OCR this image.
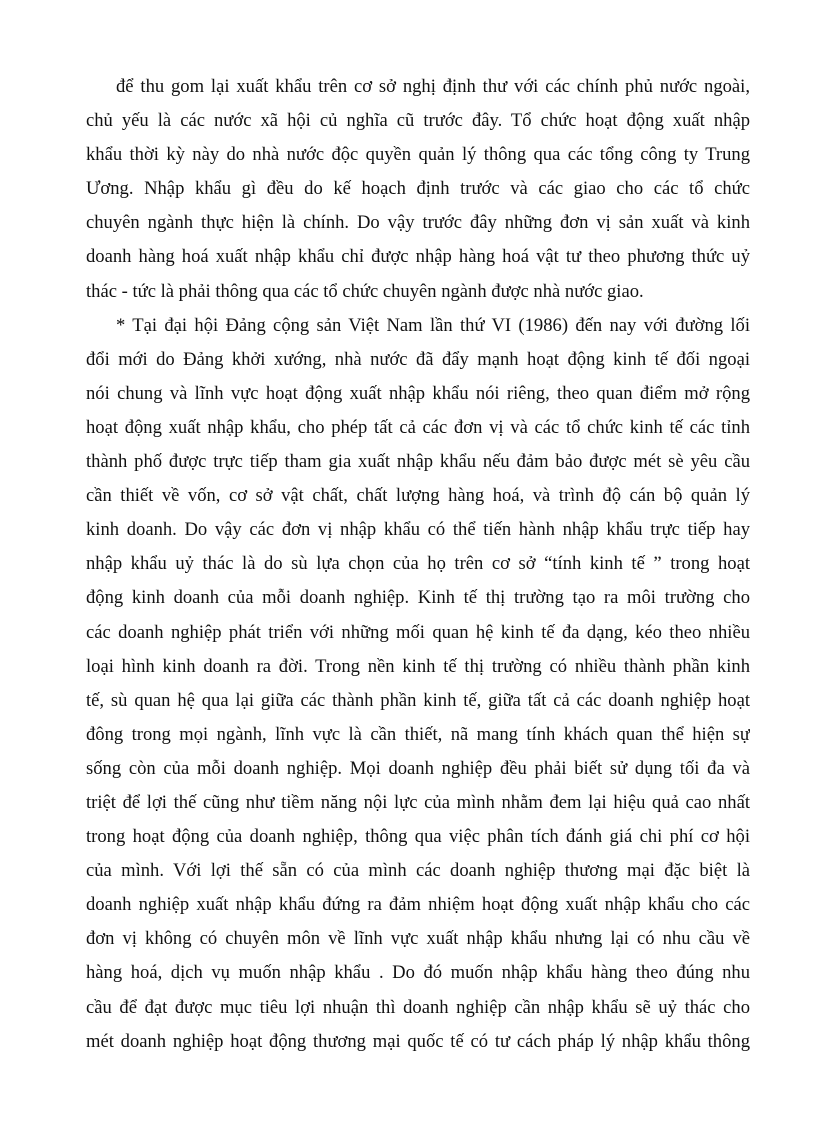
để thu gom lại xuất khẩu trên cơ sở nghị định thư với các chính phủ nước ngoài,
chủ yếu là các nước xã hội củ nghĩa cũ trước đây. Tổ chức hoạt động xuất nhập
khẩu thời kỳ này do nhà nước độc quyền quản lý thông qua các tổng công ty Trung
Ương. Nhập khẩu gì đều do kế hoạch định trước và các giao cho các tổ chức
chuyên ngành thực hiện là chính. Do vậy trước đây những đơn vị sản xuất và kinh
doanh hàng hoá xuất nhập khẩu chỉ được nhập hàng hoá vật tư theo phương thức uỷ
thác - tức là phải thông qua các tổ chức chuyên ngành được nhà nước giao.
* Tại đại hội Đảng cộng sản Việt Nam lần thứ VI (1986) đến nay với đường lối
đổi mới do Đảng khởi xướng, nhà nước đã đẩy mạnh hoạt động kinh tế đối ngoại
nói chung và lĩnh vực hoạt động xuất nhập khẩu nói riêng, theo quan điểm mở rộng
hoạt động xuất nhập khẩu, cho phép tất cả các đơn vị và các tổ chức kinh tế các tỉnh
thành phố được trực tiếp tham gia xuất nhập khẩu nếu đảm bảo được mét sè yêu cầu
cần thiết về vốn, cơ sở vật chất, chất lượng hàng hoá, và trình độ cán bộ quản lý
kinh doanh. Do vậy các đơn vị nhập khẩu có thể tiến hành nhập khẩu trực tiếp hay
nhập khẩu uỷ thác là do sù lựa chọn của họ trên cơ sở “tính kinh tế ” trong hoạt
động kinh doanh của mỗi doanh nghiệp. Kinh tế thị trường tạo ra môi trường cho
các doanh nghiệp phát triển với những mối quan hệ kinh tế đa dạng, kéo theo nhiều
loại hình kinh doanh ra đời. Trong nền kinh tế thị trường có nhiều thành phần kinh
tế, sù quan hệ qua lại giữa các thành phần kinh tế, giữa tất cả các doanh nghiệp hoạt
đông trong mọi ngành, lĩnh vực là cần thiết, nã mang tính khách quan thể hiện sự
sống còn của mỗi doanh nghiệp. Mọi doanh nghiệp đều phải biết sử dụng tối đa và
triệt để lợi thế cũng như tiềm năng nội lực của mình nhằm đem lại hiệu quả cao nhất
trong hoạt động của doanh nghiệp, thông qua việc phân tích đánh giá chi phí cơ hội
của mình. Với lợi thế sẵn có của mình các doanh nghiệp thương mại đặc biệt là
doanh nghiệp xuất nhập khẩu đứng ra đảm nhiệm hoạt động xuất nhập khẩu cho các
đơn vị không có chuyên môn về lĩnh vực xuất nhập khẩu nhưng lại có nhu cầu về
hàng hoá, dịch vụ muốn nhập khẩu . Do đó muốn nhập khẩu hàng theo đúng nhu
cầu để đạt được mục tiêu lợi nhuận thì doanh nghiệp cần nhập khẩu sẽ uỷ thác cho
mét doanh nghiệp hoạt động thương mại quốc tế có tư cách pháp lý nhập khẩu thông
